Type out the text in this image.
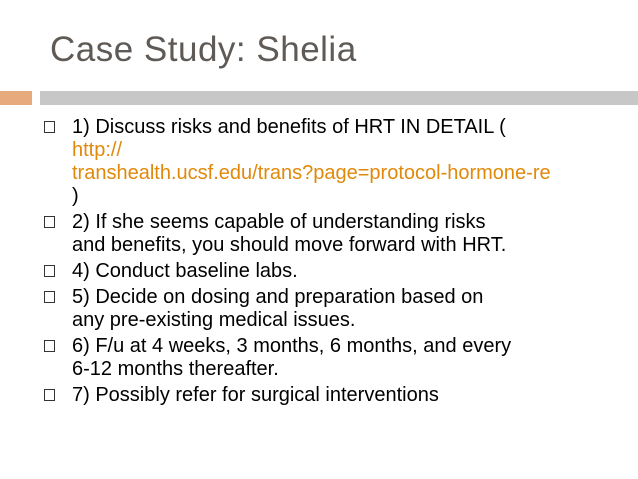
Case Study: Shelia
1) Discuss risks and benefits of HRT IN DETAIL (
http://
transhealth.ucsf.edu/trans?page=protocol-hormone-re
)
2) If she seems capable of understanding risks
and benefits, you should move forward with HRT.
4) Conduct baseline labs.
5) Decide on dosing and preparation based on
any pre-existing medical issues.
6) F/u at 4 weeks, 3 months, 6 months, and every
6-12 months thereafter.
7) Possibly refer for surgical interventions
